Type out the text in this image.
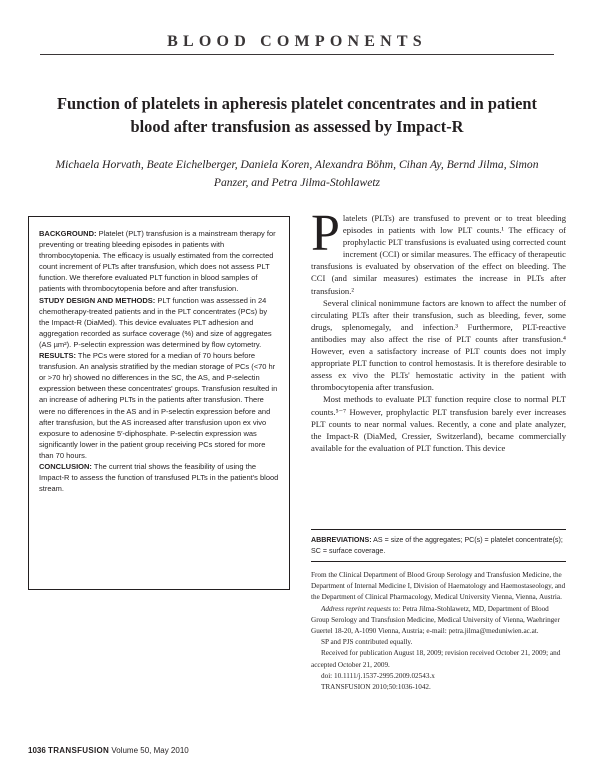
BLOOD COMPONENTS
Function of platelets in apheresis platelet concentrates and in patient blood after transfusion as assessed by Impact-R
Michaela Horvath, Beate Eichelberger, Daniela Koren, Alexandra Böhm, Cihan Ay, Bernd Jilma, Simon Panzer, and Petra Jilma-Stohlawetz

BACKGROUND: Platelet (PLT) transfusion is a mainstream therapy for preventing or treating bleeding episodes in patients with thrombocytopenia. The efficacy is usually estimated from the corrected count increment of PLTs after transfusion, which does not assess PLT function. We therefore evaluated PLT function in blood samples of patients with thrombocytopenia before and after transfusion.

STUDY DESIGN AND METHODS: PLT function was assessed in 24 chemotherapy-treated patients and in the PLT concentrates (PCs) by the Impact-R (DiaMed). This device evaluates PLT adhesion and aggregation recorded as surface coverage (%) and size of aggregates (AS µm²). P-selectin expression was determined by flow cytometry.

RESULTS: The PCs were stored for a median of 70 hours before transfusion. An analysis stratified by the median storage of PCs (<70 hr or >70 hr) showed no differences in the SC, the AS, and P-selectin expression between these concentrates' groups. Transfusion resulted in an increase of adhering PLTs in the patients after transfusion. There were no differences in the AS and in P-selectin expression before and after transfusion, but the AS increased after transfusion upon ex vivo exposure to adenosine 5′-diphosphate. P-selectin expression was significantly lower in the patient group receiving PCs stored for more than 70 hours.

CONCLUSION: The current trial shows the feasibility of using the Impact-R to assess the function of transfused PLTs in the patient's blood stream.

Platelets (PLTs) are transfused to prevent or to treat bleeding episodes in patients with low PLT counts.¹ The efficacy of prophylactic PLT transfusions is evaluated using corrected count increment (CCI) or similar measures. The efficacy of therapeutic transfusions is evaluated by observation of the effect on bleeding. The CCI (and similar measures) estimates the increase in PLTs after transfusion.²

Several clinical nonimmune factors are known to affect the number of circulating PLTs after their transfusion, such as bleeding, fever, some drugs, splenomegaly, and infection.³ Furthermore, PLT-reactive antibodies may also affect the rise of PLT counts after transfusion.⁴ However, even a satisfactory increase of PLT counts does not imply appropriate PLT function to control hemostasis. It is therefore desirable to assess ex vivo the PLTs' hemostatic activity in the patient with thrombocytopenia after transfusion.

Most methods to evaluate PLT function require close to normal PLT counts.⁵⁻⁷ However, prophylactic PLT transfusion barely ever increases PLT counts to near normal values. Recently, a cone and plate analyzer, the Impact-R (DiaMed, Cressier, Switzerland), became commercially available for the evaluation of PLT function. This device

ABBREVIATIONS: AS = size of the aggregates; PC(s) = platelet concentrate(s); SC = surface coverage.

From the Clinical Department of Blood Group Serology and Transfusion Medicine, the Department of Internal Medicine I, Division of Haematology and Haemostaseology, and the Department of Clinical Pharmacology, Medical University Vienna, Vienna, Austria.

Address reprint requests to: Petra Jilma-Stohlawetz, MD, Department of Blood Group Serology and Transfusion Medicine, Medical University of Vienna, Waehringer Guertel 18-20, A-1090 Vienna, Austria; e-mail: petra.jilma@meduniwien.ac.at.

SP and PJS contributed equally.

Received for publication August 18, 2009; revision received October 21, 2009; and accepted October 21, 2009.

doi: 10.1111/j.1537-2995.2009.02543.x

TRANSFUSION 2010;50:1036-1042.

1036 TRANSFUSION Volume 50, May 2010
